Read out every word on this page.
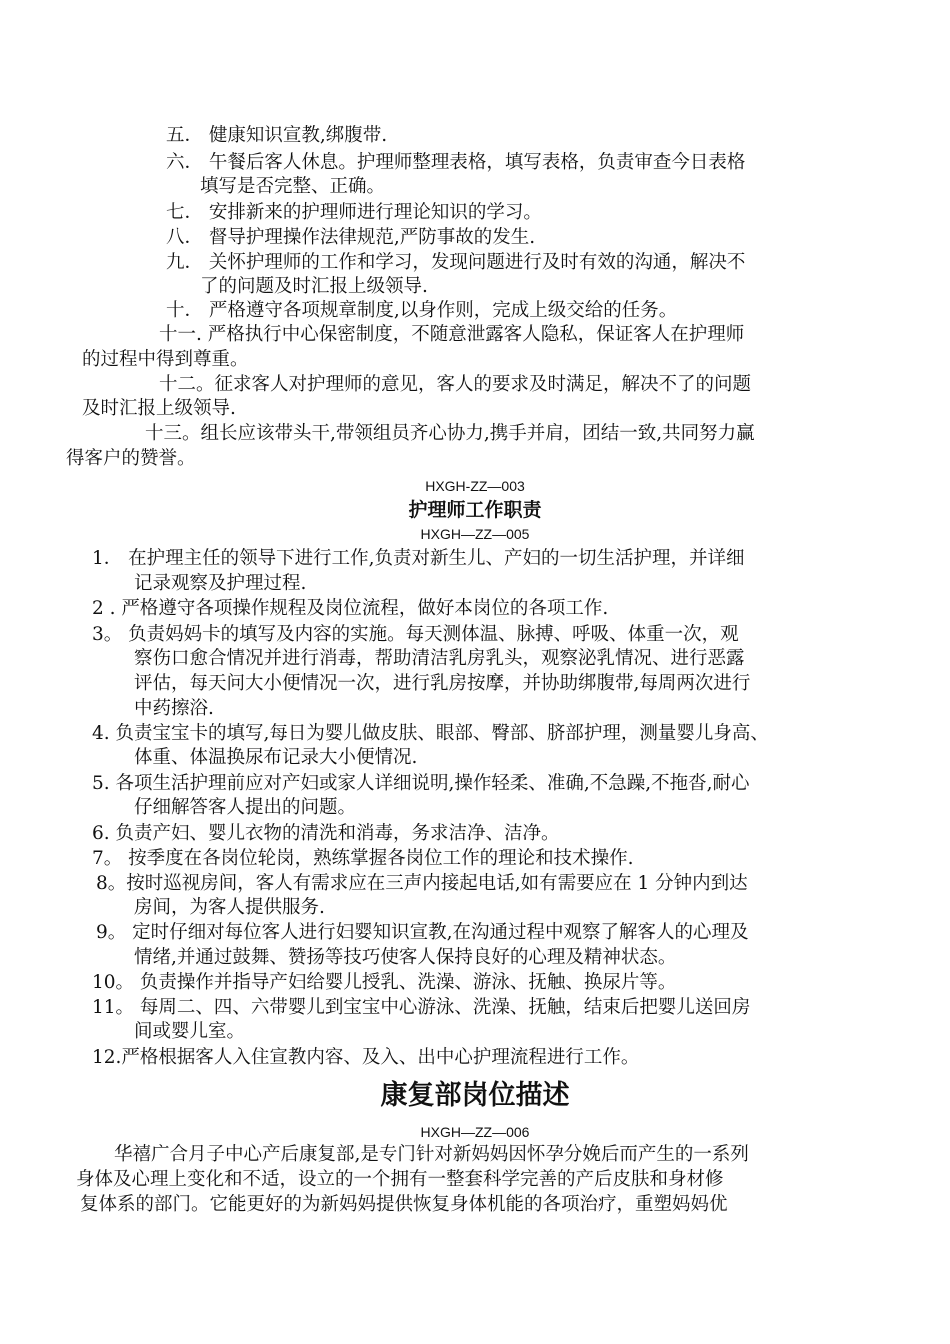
五． 健康知识宣教,绑腹带.
六． 午餐后客人休息。护理师整理表格，填写表格，负责审查今日表格
填写是否完整、正确。
七． 安排新来的护理师进行理论知识的学习。
八． 督导护理操作法律规范,严防事故的发生.
九． 关怀护理师的工作和学习，发现问题进行及时有效的沟通，解决不
了的问题及时汇报上级领导.
十． 严格遵守各项规章制度,以身作则，完成上级交给的任务。
十一. 严格执行中心保密制度，不随意泄露客人隐私，保证客人在护理师
的过程中得到尊重。
十二。征求客人对护理师的意见，客人的要求及时满足，解决不了的问题
及时汇报上级领导.
十三。组长应该带头干,带领组员齐心协力,携手并肩，团结一致,共同努力赢
得客户的赞誉。
HXGH-ZZ—003
护理师工作职责
HXGH—ZZ—005
1． 在护理主任的领导下进行工作,负责对新生儿、产妇的一切生活护理，并详细
记录观察及护理过程.
2 . 严格遵守各项操作规程及岗位流程，做好本岗位的各项工作.
3。 负责妈妈卡的填写及内容的实施。每天测体温、脉搏、呼吸、体重一次，观
察伤口愈合情况并进行消毒，帮助清洁乳房乳头，观察泌乳情况、进行恶露
评估，每天问大小便情况一次，进行乳房按摩，并协助绑腹带,每周两次进行
中药擦浴.
4. 负责宝宝卡的填写,每日为婴儿做皮肤、眼部、臀部、脐部护理，测量婴儿身高、
体重、体温换尿布记录大小便情况.
5. 各项生活护理前应对产妇或家人详细说明,操作轻柔、准确,不急躁,不拖沓,耐心
仔细解答客人提出的问题。
6. 负责产妇、婴儿衣物的清洗和消毒，务求洁净、洁净。
7。 按季度在各岗位轮岗，熟练掌握各岗位工作的理论和技术操作.
8。按时巡视房间，客人有需求应在三声内接起电话,如有需要应在 1 分钟内到达
房间，为客人提供服务.
9。 定时仔细对每位客人进行妇婴知识宣教,在沟通过程中观察了解客人的心理及
情绪,并通过鼓舞、赞扬等技巧使客人保持良好的心理及精神状态。
10。 负责操作并指导产妇给婴儿授乳、洗澡、游泳、抚触、换尿片等。
11。 每周二、四、六带婴儿到宝宝中心游泳、洗澡、抚触，结束后把婴儿送回房
间或婴儿室。
12.严格根据客人入住宣教内容、及入、出中心护理流程进行工作。
康复部岗位描述
HXGH—ZZ—006
华禧广合月子中心产后康复部,是专门针对新妈妈因怀孕分娩后而产生的一系列
身体及心理上变化和不适，设立的一个拥有一整套科学完善的产后皮肤和身材修
复体系的部门。它能更好的为新妈妈提供恢复身体机能的各项治疗，重塑妈妈优
